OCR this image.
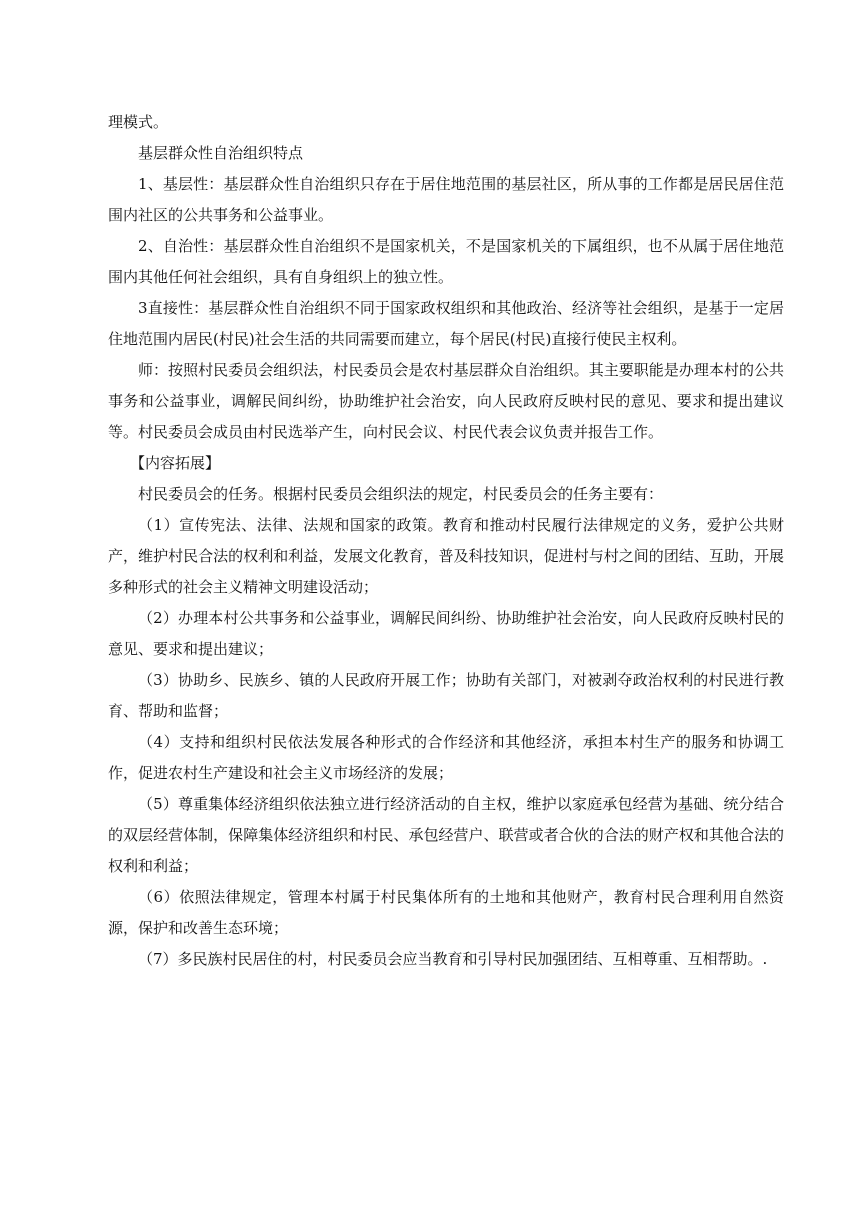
理模式。

基层群众性自治组织特点

1、基层性：基层群众性自治组织只存在于居住地范围的基层社区，所从事的工作都是居民居住范围内社区的公共事务和公益事业。

2、自治性：基层群众性自治组织不是国家机关，不是国家机关的下属组织，也不从属于居住地范围内其他任何社会组织，具有自身组织上的独立性。

3直接性：基层群众性自治组织不同于国家政权组织和其他政治、经济等社会组织，是基于一定居住地范围内居民(村民)社会生活的共同需要而建立，每个居民(村民)直接行使民主权利。

师：按照村民委员会组织法，村民委员会是农村基层群众自治组织。其主要职能是办理本村的公共事务和公益事业，调解民间纠纷，协助维护社会治安，向人民政府反映村民的意见、要求和提出建议等。村民委员会成员由村民选举产生，向村民会议、村民代表会议负责并报告工作。

【内容拓展】

村民委员会的任务。根据村民委员会组织法的规定，村民委员会的任务主要有：

（1）宣传宪法、法律、法规和国家的政策。教育和推动村民履行法律规定的义务，爱护公共财产，维护村民合法的权利和利益，发展文化教育，普及科技知识，促进村与村之间的团结、互助，开展多种形式的社会主义精神文明建设活动；

（2）办理本村公共事务和公益事业，调解民间纠纷、协助维护社会治安，向人民政府反映村民的意见、要求和提出建议；

（3）协助乡、民族乡、镇的人民政府开展工作；协助有关部门，对被剥夺政治权利的村民进行教育、帮助和监督；

（4）支持和组织村民依法发展各种形式的合作经济和其他经济，承担本村生产的服务和协调工作，促进农村生产建设和社会主义市场经济的发展；

（5）尊重集体经济组织依法独立进行经济活动的自主权，维护以家庭承包经营为基础、统分结合的双层经营体制，保障集体经济组织和村民、承包经营户、联营或者合伙的合法的财产权和其他合法的权利和利益；

（6）依照法律规定，管理本村属于村民集体所有的土地和其他财产，教育村民合理利用自然资源，保护和改善生态环境；

（7）多民族村民居住的村，村民委员会应当教育和引导村民加强团结、互相尊重、互相帮助。.
